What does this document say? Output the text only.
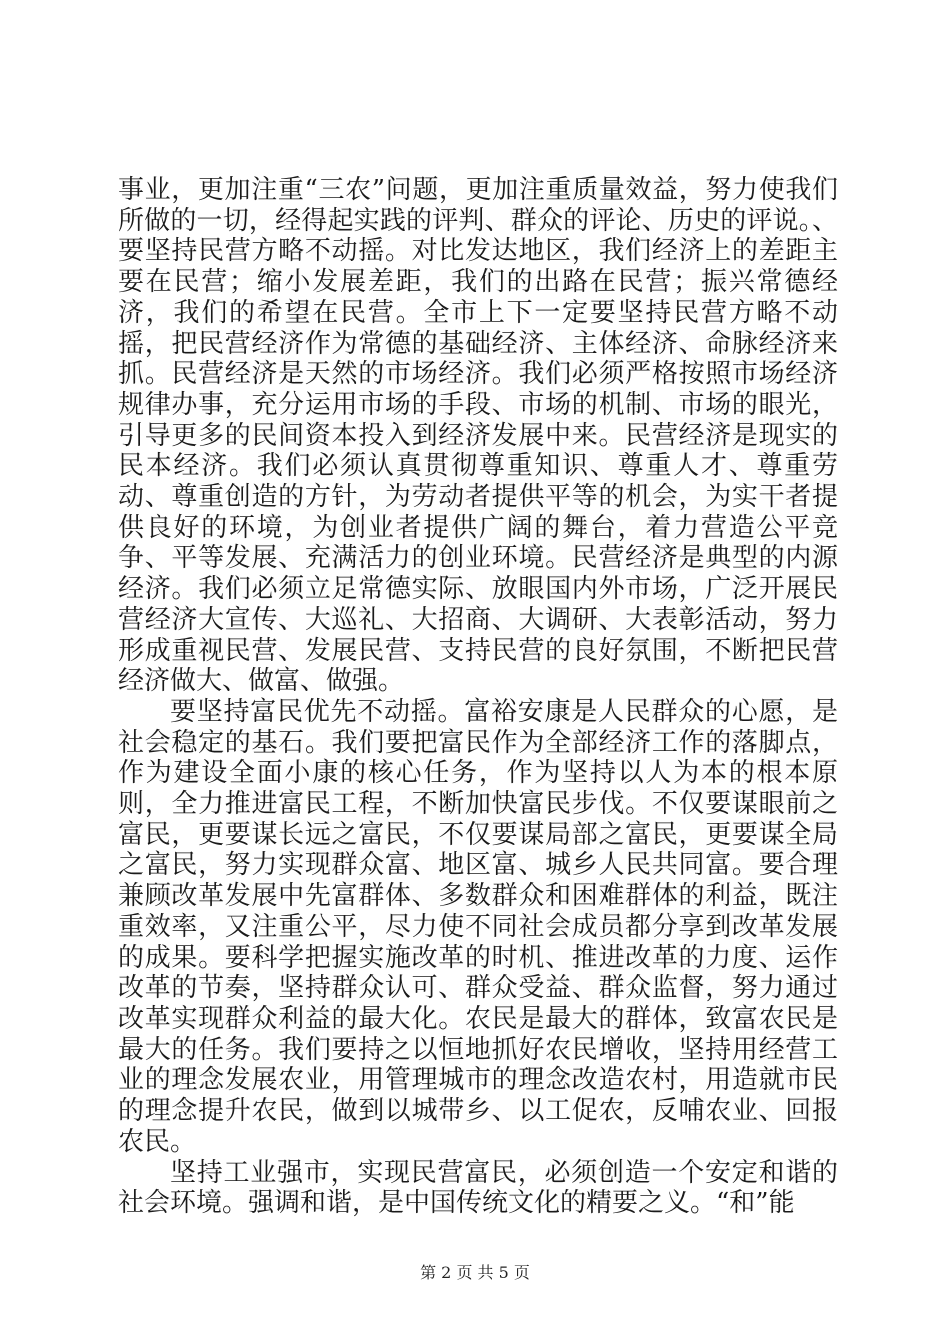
事业，更加注重“三农”问题，更加注重质量效益，努力使我们所做的一切，经得起实践的评判、群众的评论、历史的评说。、要坚持民营方略不动摇。对比发达地区，我们经济上的差距主要在民营；缩小发展差距，我们的出路在民营；振兴常德经济，我们的希望在民营。全市上下一定要坚持民营方略不动摇，把民营经济作为常德的基础经济、主体经济、命脉经济来抓。民营经济是天然的市场经济。我们必须严格按照市场经济规律办事，充分运用市场的手段、市场的机制、市场的眼光，引导更多的民间资本投入到经济发展中来。民营经济是现实的民本经济。我们必须认真贯彻尊重知识、尊重人才、尊重劳动、尊重创造的方针，为劳动者提供平等的机会，为实干者提供良好的环境，为创业者提供广阔的舞台，着力营造公平竞争、平等发展、充满活力的创业环境。民营经济是典型的内源经济。我们必须立足常德实际、放眼国内外市场，广泛开展民营经济大宣传、大巡礼、大招商、大调研、大表彰活动，努力形成重视民营、发展民营、支持民营的良好氛围，不断把民营经济做大、做富、做强。

要坚持富民优先不动摇。富裕安康是人民群众的心愿，是社会稳定的基石。我们要把富民作为全部经济工作的落脚点，作为建设全面小康的核心任务，作为坚持以人为本的根本原则，全力推进富民工程，不断加快富民步伐。不仅要谋眼前之富民，更要谋长远之富民，不仅要谋局部之富民，更要谋全局之富民，努力实现群众富、地区富、城乡人民共同富。要合理兼顾改革发展中先富群体、多数群众和困难群体的利益，既注重效率，又注重公平，尽力使不同社会成员都分享到改革发展的成果。要科学把握实施改革的时机、推进改革的力度、运作改革的节奏，坚持群众认可、群众受益、群众监督，努力通过改革实现群众利益的最大化。农民是最大的群体，致富农民是最大的任务。我们要持之以恒地抓好农民增收，坚持用经营工业的理念发展农业，用管理城市的理念改造农村，用造就市民的理念提升农民，做到以城带乡、以工促农，反哺农业、回报农民。

坚持工业强市，实现民营富民，必须创造一个安定和谐的社会环境。强调和谐，是中国传统文化的精要之义。“和”能

第 2 页 共 5 页
